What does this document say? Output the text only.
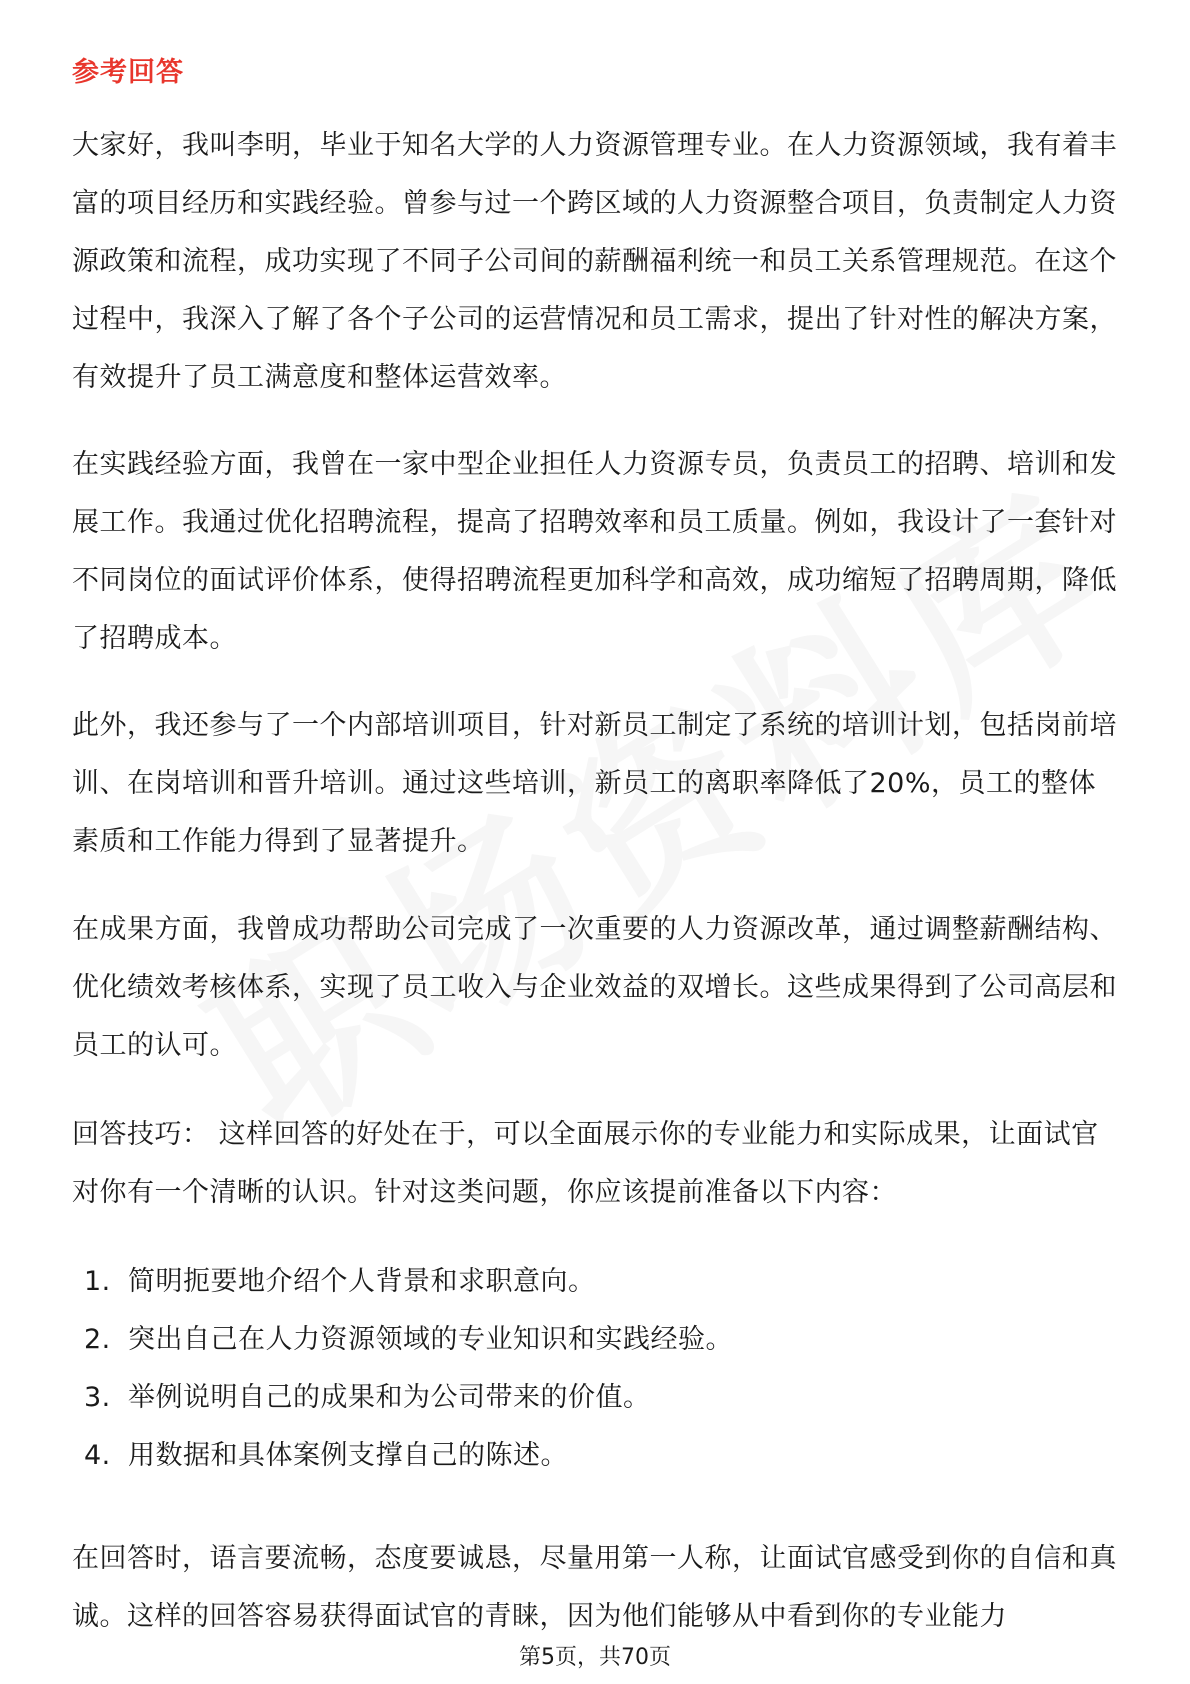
参考回答

大家好，我叫李明，毕业于知名大学的人力资源管理专业。在人力资源领域，我有着丰富的项目经历和实践经验。曾参与过一个跨区域的人力资源整合项目，负责制定人力资源政策和流程，成功实现了不同子公司间的薪酬福利统一和员工关系管理规范。在这个过程中，我深入了解了各个子公司的运营情况和员工需求，提出了针对性的解决方案，有效提升了员工满意度和整体运营效率。

在实践经验方面，我曾在一家中型企业担任人力资源专员，负责员工的招聘、培训和发展工作。我通过优化招聘流程，提高了招聘效率和员工质量。例如，我设计了一套针对不同岗位的面试评价体系，使得招聘流程更加科学和高效，成功缩短了招聘周期，降低了招聘成本。

此外，我还参与了一个内部培训项目，针对新员工制定了系统的培训计划，包括岗前培训、在岗培训和晋升培训。通过这些培训，新员工的离职率降低了20%，员工的整体素质和工作能力得到了显著提升。

在成果方面，我曾成功帮助公司完成了一次重要的人力资源改革，通过调整薪酬结构、优化绩效考核体系，实现了员工收入与企业效益的双增长。这些成果得到了公司高层和员工的认可。

回答技巧： 这样回答的好处在于，可以全面展示你的专业能力和实际成果，让面试官对你有一个清晰的认识。针对这类问题，你应该提前准备以下内容：

1. 简明扼要地介绍个人背景和求职意向。
2. 突出自己在人力资源领域的专业知识和实践经验。
3. 举例说明自己的成果和为公司带来的价值。
4. 用数据和具体案例支撑自己的陈述。

在回答时，语言要流畅，态度要诚恳，尽量用第一人称，让面试官感受到你的自信和真诚。这样的回答容易获得面试官的青睐，因为他们能够从中看到你的专业能力

第5页，共70页
